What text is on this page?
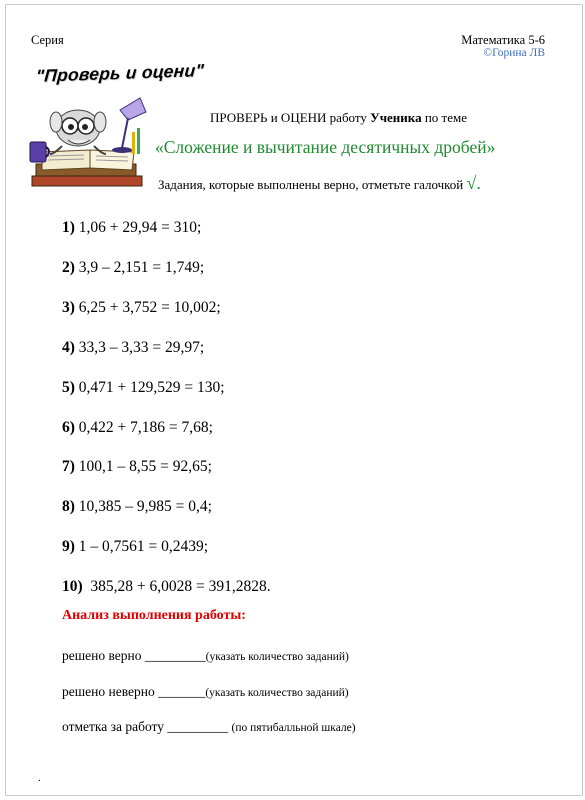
Серия	Математика 5-6
©Горина ЛВ
"Проверь и оцени"
ПРОВЕРЬ и ОЦЕНИ работу Ученика по теме
«Сложение и вычитание десятичных дробей»
Задания, которые выполнены верно, отметьте галочкой √.
1) 1,06 + 29,94 = 310;
2) 3,9 – 2,151 = 1,749;
3) 6,25 + 3,752 = 10,002;
4) 33,3 – 3,33 = 29,97;
5) 0,471 + 129,529 = 130;
6) 0,422 + 7,186 = 7,68;
7) 100,1 – 8,55 = 92,65;
8) 10,385 – 9,985 = 0,4;
9) 1 – 0,7561 = 0,2439;
10)  385,28 + 6,0028 = 391,2828.
Анализ выполнения работы:
решено верно _________(указать количество заданий)
решено неверно _______(указать количество заданий)
отметка за работу _________ (по пятибалльной шкале)
.
